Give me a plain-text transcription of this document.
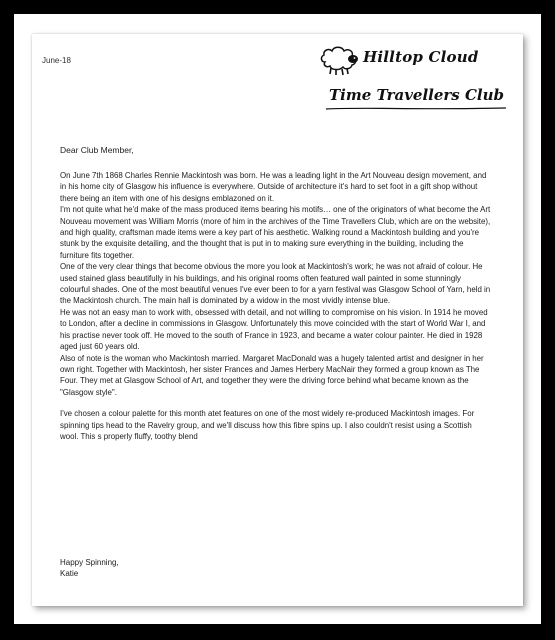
June-18	Hilltop Cloud
Time Travellers Club
Dear Club Member,

On June 7th 1868 Charles Rennie Mackintosh was born. He was a leading light in the Art Nouveau design movement, and in his home city of Glasgow his influence is everywhere. Outside of architecture it's hard to set foot in a gift shop without there being an item with one of his designs emblazoned on it.

I'm not quite what he'd make of the mass produced items bearing his motifs… one of the originators of what become the Art Nouveau movement was William Morris (more of him in the archives of the Time Travellers Club, which are on the website), and high quality, craftsman made items were a key part of his aesthetic. Walking round a Mackintosh building and you're stunk by the exquisite detailing, and the thought that is put in to making sure everything in the building, including the furniture fits together.

One of the very clear things that become obvious the more you look at Mackintosh's work; he was not afraid of colour. He used stained glass beautifully in his buildings, and his original rooms often featured wall painted in some stunningly colourful shades. One of the most beautiful venues I've ever been to for a yarn festival was Glasgow School of Yarn, held in the Mackintosh church. The main hall is dominated by a widow in the most vividly intense blue.

He was not an easy man to work with, obsessed with detail, and not willing to compromise on his vision. In 1914 he moved to London, after a decline in commissions in Glasgow. Unfortunately this move coincided with the start of World War I, and his practise never took off. He moved to the south of France in 1923, and became a water colour painter. He died in 1928 aged just 60 years old.

Also of note is the woman who Mackintosh married. Margaret MacDonald was a hugely talented artist and designer in her own right. Together with Mackintosh, her sister Frances and James Herbery MacNair they formed a group known as The Four. They met at Glasgow School of Art, and together they were the driving force behind what became known as the "Glasgow style".

I've chosen a colour palette for this month atet features on one of the most widely re-produced Mackintosh images. For spinning tips head to the Ravelry group, and we'll discuss how this fibre spins up. I also couldn't resist using a Scottish wool. This s properly fluffy, toothy blend

Happy Spinning,
Katie
